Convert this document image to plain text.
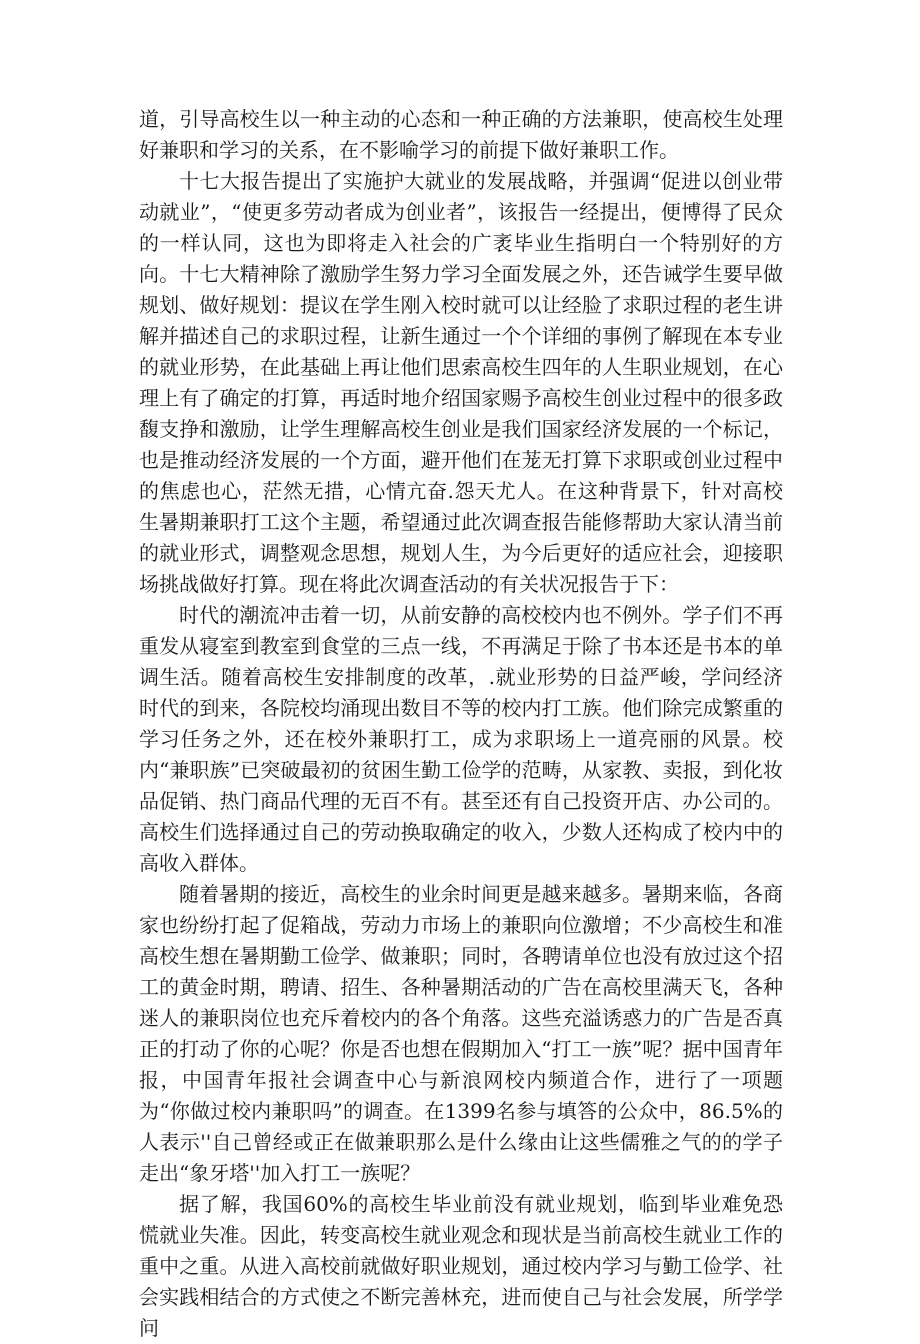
道，引导高校生以一种主动的心态和一种正确的方法兼职，使高校生处理好兼职和学习的关系，在不影喻学习的前提下做好兼职工作。

十七大报告提出了实施护大就业的发展战略，并强调“促进以创业带动就业”，“使更多劳动者成为创业者”，该报告一经提出，便博得了民众的一样认同，这也为即将走入社会的广袤毕业生指明白一个特别好的方向。十七大精神除了激励学生努力学习全面发展之外，还告诫学生要早做规划、做好规划：提议在学生刚入校时就可以让经脸了求职过程的老生讲解并描述自己的求职过程，让新生通过一个个详细的事例了解现在本专业的就业形势，在此基础上再让他们思索高校生四年的人生职业规划，在心理上有了确定的打算，再适时地介绍国家赐予高校生创业过程中的很多政馥支挣和激励，让学生理解高校生创业是我们国家经济发展的一个标记，也是推动经济发展的一个方面，避开他们在茏无打算下求职或创业过程中的焦虑也心，茫然无措，心情亢奋.怨天尤人。在这种背景下，针对高校生暑期兼职打工这个主题，希望通过此次调查报告能修帮助大家认清当前的就业形式，调整观念思想，规划人生，为今后更好的适应社会，迎接职场挑战做好打算。现在将此次调查活动的有关状况报告于下：

时代的潮流冲击着一切，从前安静的高校校内也不例外。学子们不再重发从寝室到教室到食堂的三点一线，不再满足于除了书本还是书本的单调生活。随着高校生安排制度的改革，.就业形势的日益严峻，学问经济时代的到来，各院校均涌现出数目不等的校内打工族。他们除完成繁重的学习任务之外，还在校外兼职打工，成为求职场上一道亮丽的风景。校内“兼职族”已突破最初的贫困生勤工俭学的范畴，从家教、卖报，到化妆品促销、热门商品代理的无百不有。甚至还有自己投资开店、办公司的。高校生们选择通过自己的劳动换取确定的收入，少数人还构成了校内中的高收入群体。

随着暑期的接近，高校生的业余时间更是越来越多。暑期来临，各商家也纷纷打起了促箱战，劳动力市场上的兼职向位激增；不少高校生和准高校生想在暑期勤工俭学、做兼职；同时，各聘请单位也没有放过这个招工的黄金时期，聘请、招生、各种暑期活动的广告在高校里满天飞，各种迷人的兼职岗位也充斥着校内的各个角落。这些充溢诱惑力的广告是否真正的打动了你的心呢？你是否也想在假期加入“打工一族”呢？据中国青年报，中国青年报社会调查中心与新浪网校内频道合作，进行了一项题为“你做过校内兼职吗”的调查。在1399名参与填答的公众中，86.5%的人表示''自己曾经或正在做兼职那么是什么缘由让这些儒雅之气的的学子走出“象牙塔''加入打工一族呢？

据了解，我国60%的高校生毕业前没有就业规划，临到毕业难免恐慌就业失准。因此，转变高校生就业观念和现状是当前高校生就业工作的重中之重。从进入高校前就做好职业规划，通过校内学习与勤工俭学、社会实践相结合的方式使之不断完善林充，进而使自己与社会发展，所学学问
